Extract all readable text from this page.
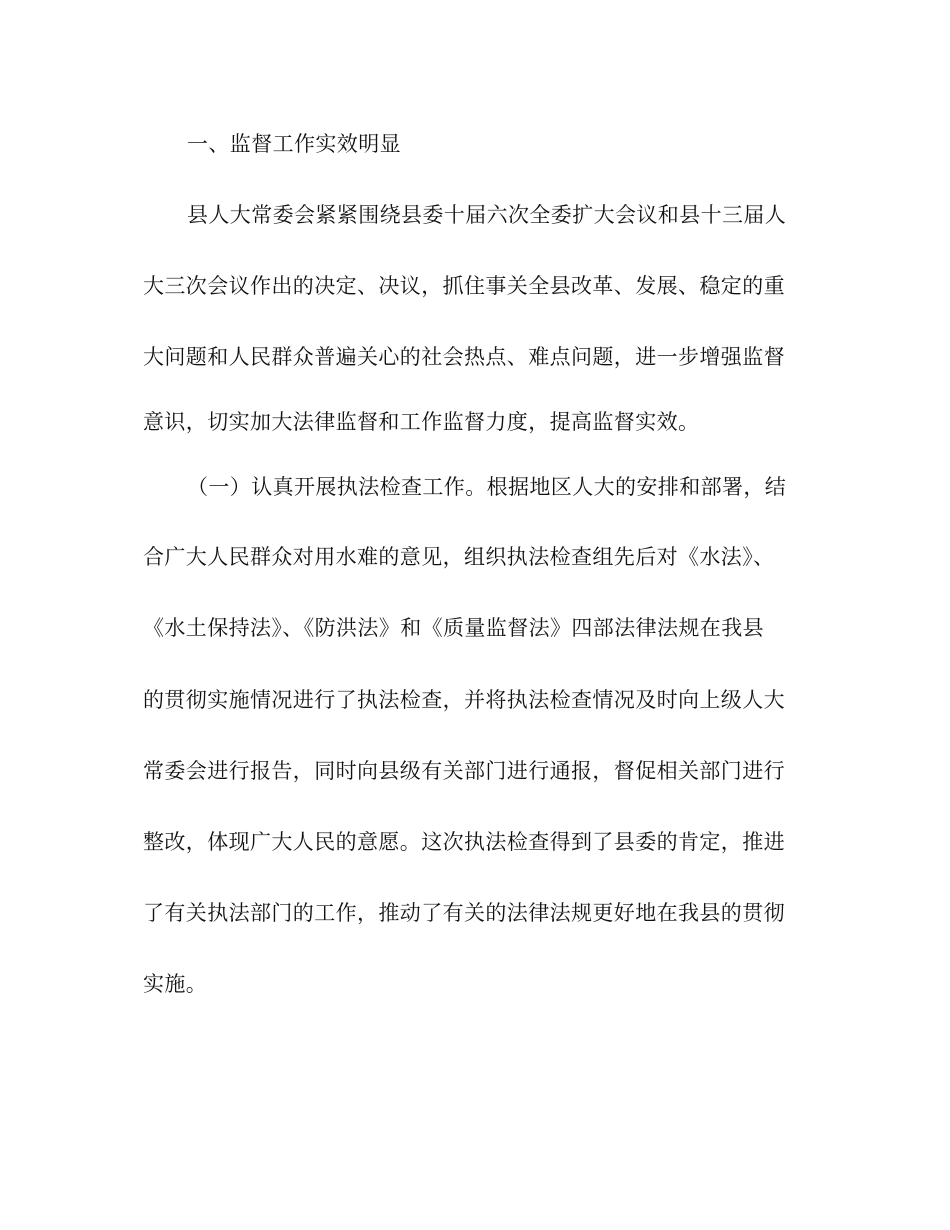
一、监督工作实效明显
县人大常委会紧紧围绕县委十届六次全委扩大会议和县十三届人
大三次会议作出的决定、决议，抓住事关全县改革、发展、稳定的重
大问题和人民群众普遍关心的社会热点、难点问题，进一步增强监督
意识，切实加大法律监督和工作监督力度，提高监督实效。
（一）认真开展执法检查工作。根据地区人大的安排和部署，结
合广大人民群众对用水难的意见，组织执法检查组先后对《水法》、
《水土保持法》、《防洪法》和《质量监督法》四部法律法规在我县
的贯彻实施情况进行了执法检查，并将执法检查情况及时向上级人大
常委会进行报告，同时向县级有关部门进行通报，督促相关部门进行
整改，体现广大人民的意愿。这次执法检查得到了县委的肯定，推进
了有关执法部门的工作，推动了有关的法律法规更好地在我县的贯彻
实施。
